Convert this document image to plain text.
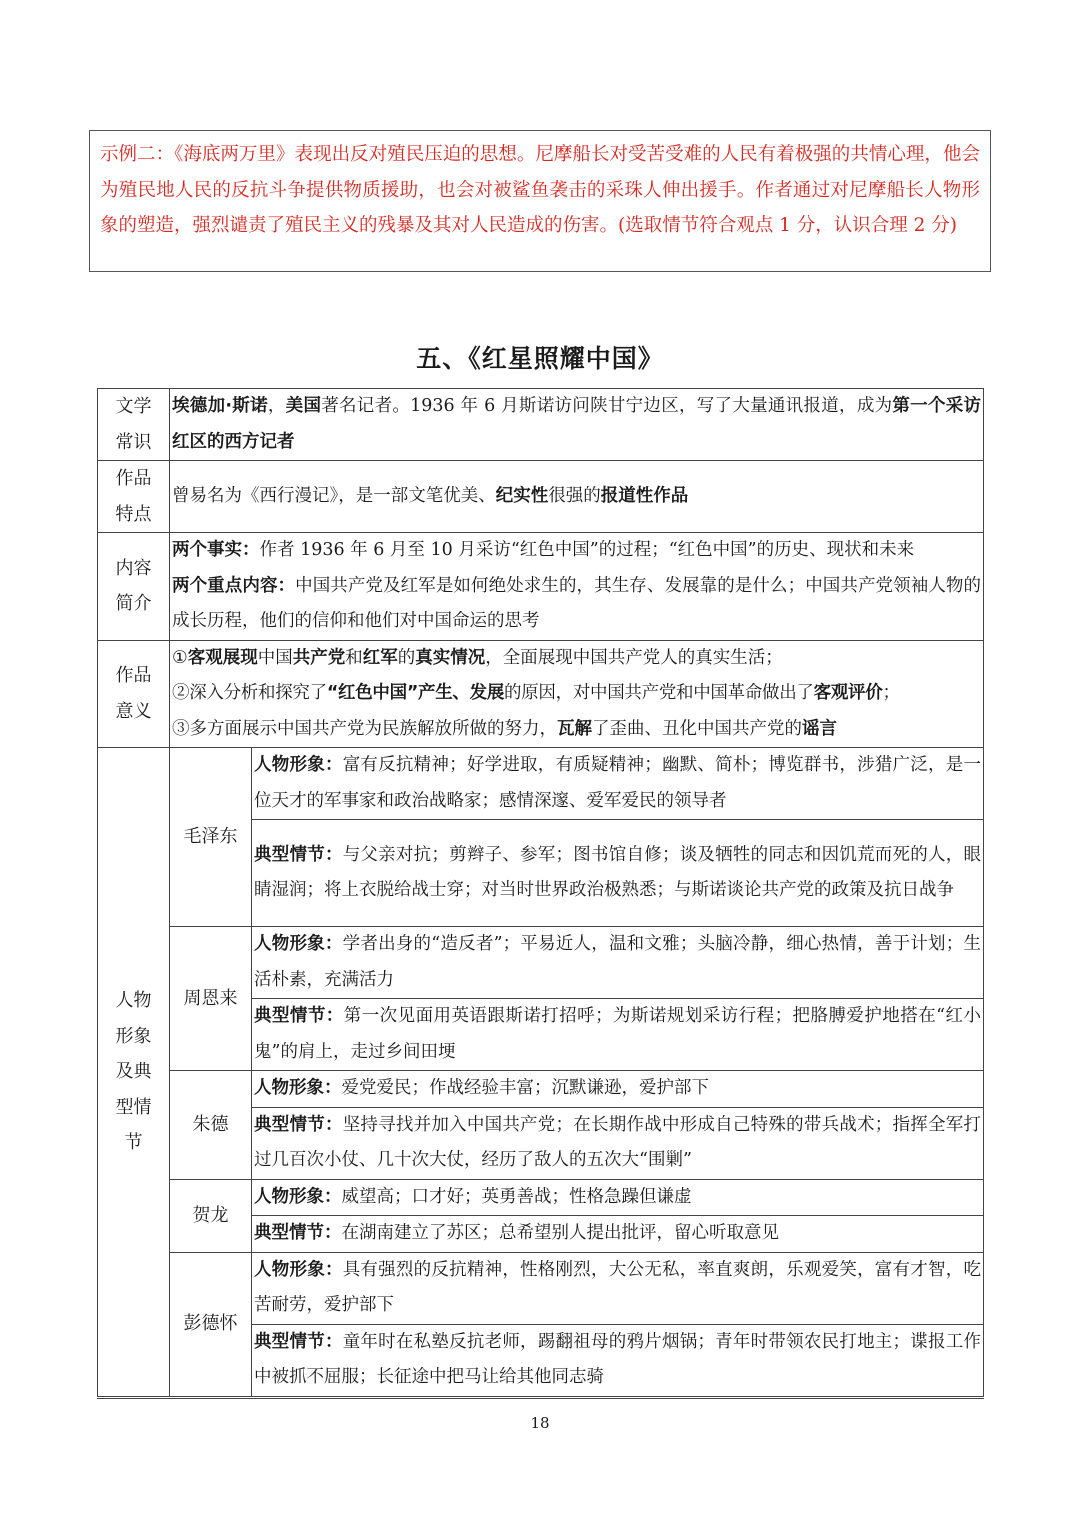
示例二：《海底两万里》表现出反对殖民压迫的思想。尼摩船长对受苦受难的人民有着极强的共情心理，他会为殖民地人民的反抗斗争提供物质援助，也会对被鲨鱼袭击的采珠人伸出援手。作者通过对尼摩船长人物形象的塑造，强烈谴责了殖民主义的残暴及其对人民造成的伤害。(选取情节符合观点 1 分，认识合理 2 分)
五、《红星照耀中国》
文学
常识	埃德加·斯诺，美国著名记者。1936 年 6 月斯诺访问陕甘宁边区，写了大量通讯报道，成为第一个采访红区的西方记者	

作品
特点	曾易名为《西行漫记》，是一部文笔优美、纪实性很强的报道性作品	

内容
简介	两个事实：作者 1936 年 6 月至 10 月采访“红色中国”的过程；“红色中国”的历史、现状和未来
两个重点内容：中国共产党及红军是如何绝处求生的，其生存、发展靠的是什么；中国共产党领袖人物的成长历程，他们的信仰和他们对中国命运的思考	

作品
意义	①客观展现中国共产党和红军的真实情况，全面展现中国共产党人的真实生活；
②深入分析和探究了“红色中国”产生、发展的原因，对中国共产党和中国革命做出了客观评价；
③多方面展示中国共产党为民族解放所做的努力，瓦解了歪曲、丑化中国共产党的谣言	

人物
形象
及典
型情
节	毛泽东	人物形象：富有反抗精神；好学进取，有质疑精神；幽默、简朴；博览群书，涉猎广泛，是一位天才的军事家和政治战略家；感情深邃、爱军爱民的领导者
		典型情节：与父亲对抗；剪辫子、参军；图书馆自修；谈及牺牲的同志和因饥荒而死的人，眼睛湿润；将上衣脱给战士穿；对当时世界政治极熟悉；与斯诺谈论共产党的政策及抗日战争
	周恩来	人物形象：学者出身的“造反者”；平易近人，温和文雅；头脑冷静，细心热情，善于计划；生活朴素，充满活力
		典型情节：第一次见面用英语跟斯诺打招呼；为斯诺规划采访行程；把胳膊爱护地搭在“红小鬼”的肩上，走过乡间田埂
	朱德	人物形象：爱党爱民；作战经验丰富；沉默谦逊，爱护部下
		典型情节：坚持寻找并加入中国共产党；在长期作战中形成自己特殊的带兵战术；指挥全军打过几百次小仗、几十次大仗，经历了敌人的五次大“围剿”
	贺龙	人物形象：威望高；口才好；英勇善战；性格急躁但谦虚
		典型情节：在湖南建立了苏区；总希望别人提出批评，留心听取意见
	彭德怀	人物形象：具有强烈的反抗精神，性格刚烈，大公无私，率直爽朗，乐观爱笑，富有才智，吃苦耐劳，爱护部下
		典型情节：童年时在私塾反抗老师，踢翻祖母的鸦片烟锅；青年时带领农民打地主；谍报工作中被抓不屈服；长征途中把马让给其他同志骑
18
